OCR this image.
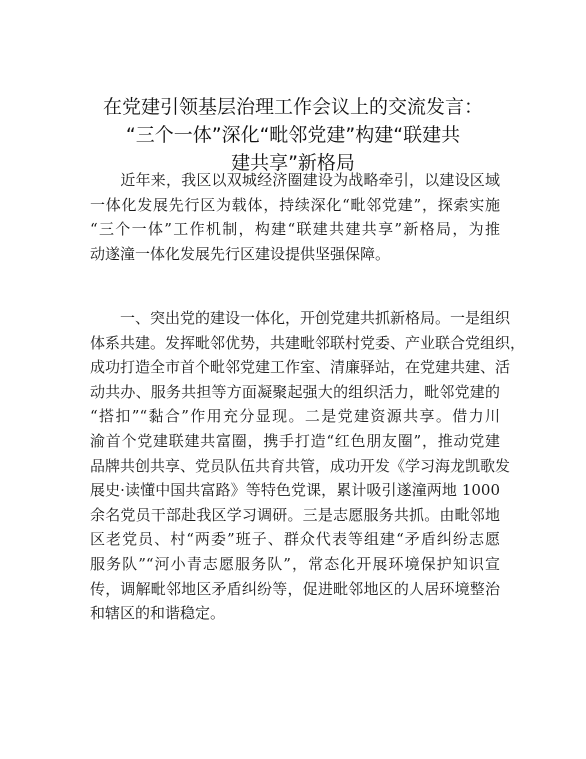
在党建引领基层治理工作会议上的交流发言：
“三个一体”深化“毗邻党建”构建“联建共
建共享”新格局
　　近年来，我区以双城经济圈建设为战略牵引，以建设区域
一体化发展先行区为载体，持续深化“毗邻党建”，探索实施
“三个一体”工作机制，构建“联建共建共享”新格局，为推
动遂潼一体化发展先行区建设提供坚强保障。
　　一、突出党的建设一体化，开创党建共抓新格局。一是组织
体系共建。发挥毗邻优势，共建毗邻联村党委、产业联合党组织，
成功打造全市首个毗邻党建工作室、清廉驿站，在党建共建、活
动共办、服务共担等方面凝聚起强大的组织活力，毗邻党建的
“搭扣”“黏合”作用充分显现。二是党建资源共享。借力川
渝首个党建联建共富圈，携手打造“红色朋友圈”，推动党建
品牌共创共享、党员队伍共育共管，成功开发《学习海龙凯歌发
展史·读懂中国共富路》等特色党课，累计吸引遂潼两地 1000
余名党员干部赴我区学习调研。三是志愿服务共抓。由毗邻地
区老党员、村“两委”班子、群众代表等组建“矛盾纠纷志愿
服务队”“河小青志愿服务队”，常态化开展环境保护知识宣
传，调解毗邻地区矛盾纠纷等，促进毗邻地区的人居环境整治
和辖区的和谐稳定。
